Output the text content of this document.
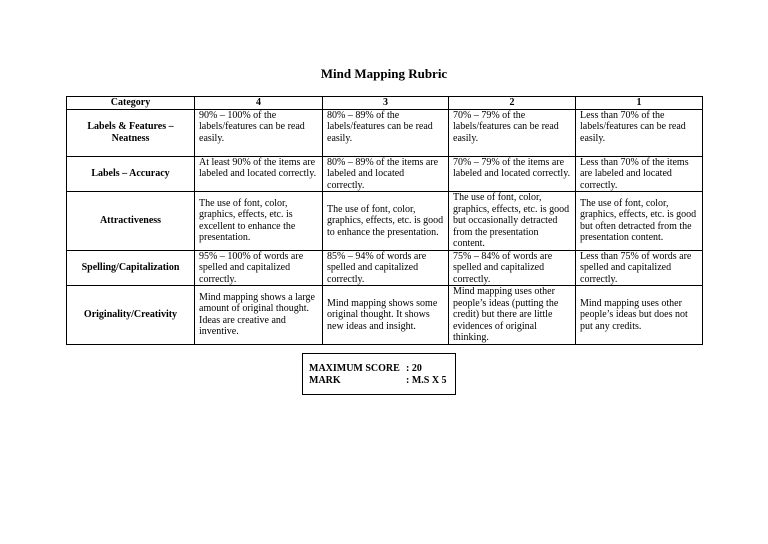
Mind Mapping Rubric
Category	4	3	2	1
Labels & Features – Neatness	90% – 100% of the labels/features can be read easily.	80% – 89% of the labels/features can be read easily.	70% – 79% of the labels/features can be read easily.	Less than 70% of the labels/features can be read easily.
Labels – Accuracy	At least 90% of the items are labeled and located correctly.	80% – 89% of the items are labeled and located correctly.	70% – 79% of the items are labeled and located correctly.	Less than 70% of the items are labeled and located correctly.
Attractiveness	The use of font, color, graphics, effects, etc. is excellent to enhance the presentation.	The use of font, color, graphics, effects, etc. is good to enhance the presentation.	The use of font, color, graphics, effects, etc. is good but occasionally detracted from the presentation content.	The use of font, color, graphics, effects, etc. is good but often detracted from the presentation content.
Spelling/Capitalization	95% – 100% of words are spelled and capitalized correctly.	85% – 94% of words are spelled and capitalized correctly.	75% – 84% of words are spelled and capitalized correctly.	Less than 75% of words are spelled and capitalized correctly.
Originality/Creativity	Mind mapping shows a large amount of original thought. Ideas are creative and inventive.	Mind mapping shows some original thought. It shows new ideas and insight.	Mind mapping uses other people’s ideas (putting the credit) but there are little evidences of original thinking.	Mind mapping uses other people’s ideas but does not put any credits.
MAXIMUM SCORE : 20
MARK	: M.S X 5
